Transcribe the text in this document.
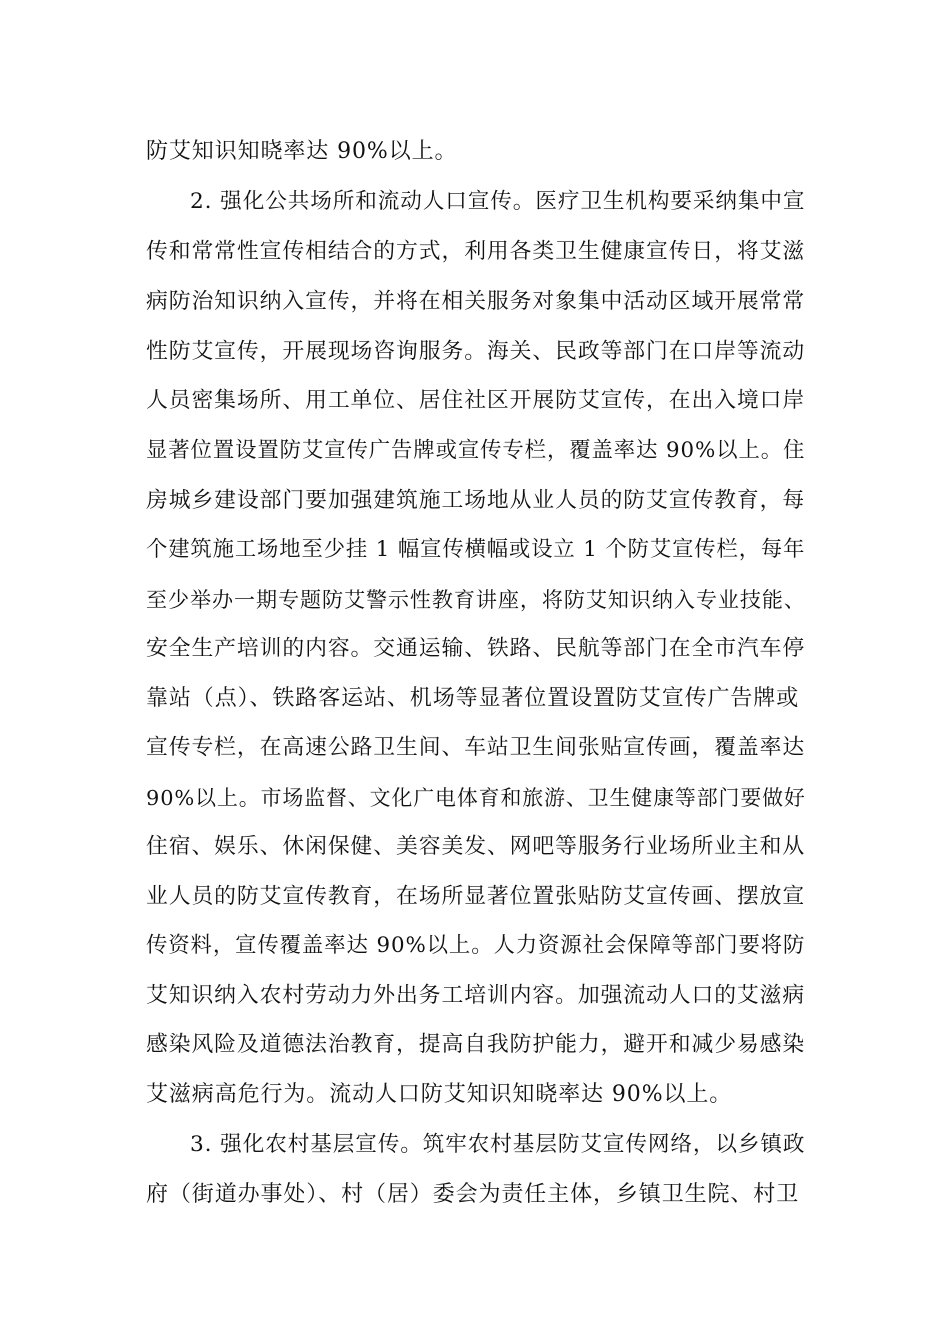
防艾知识知晓率达 90%以上。
2. 强化公共场所和流动人口宣传。医疗卫生机构要采纳集中宣
传和常常性宣传相结合的方式，利用各类卫生健康宣传日，将艾滋
病防治知识纳入宣传，并将在相关服务对象集中活动区域开展常常
性防艾宣传，开展现场咨询服务。海关、民政等部门在口岸等流动
人员密集场所、用工单位、居住社区开展防艾宣传，在出入境口岸
显著位置设置防艾宣传广告牌或宣传专栏，覆盖率达 90%以上。住
房城乡建设部门要加强建筑施工场地从业人员的防艾宣传教育，每
个建筑施工场地至少挂 1 幅宣传横幅或设立 1 个防艾宣传栏，每年
至少举办一期专题防艾警示性教育讲座，将防艾知识纳入专业技能、
安全生产培训的内容。交通运输、铁路、民航等部门在全市汽车停
靠站（点）、铁路客运站、机场等显著位置设置防艾宣传广告牌或
宣传专栏，在高速公路卫生间、车站卫生间张贴宣传画，覆盖率达
90%以上。市场监督、文化广电体育和旅游、卫生健康等部门要做好
住宿、娱乐、休闲保健、美容美发、网吧等服务行业场所业主和从
业人员的防艾宣传教育，在场所显著位置张贴防艾宣传画、摆放宣
传资料，宣传覆盖率达 90%以上。人力资源社会保障等部门要将防
艾知识纳入农村劳动力外出务工培训内容。加强流动人口的艾滋病
感染风险及道德法治教育，提高自我防护能力，避开和减少易感染
艾滋病高危行为。流动人口防艾知识知晓率达 90%以上。
3. 强化农村基层宣传。筑牢农村基层防艾宣传网络，以乡镇政
府（街道办事处）、村（居）委会为责任主体，乡镇卫生院、村卫
